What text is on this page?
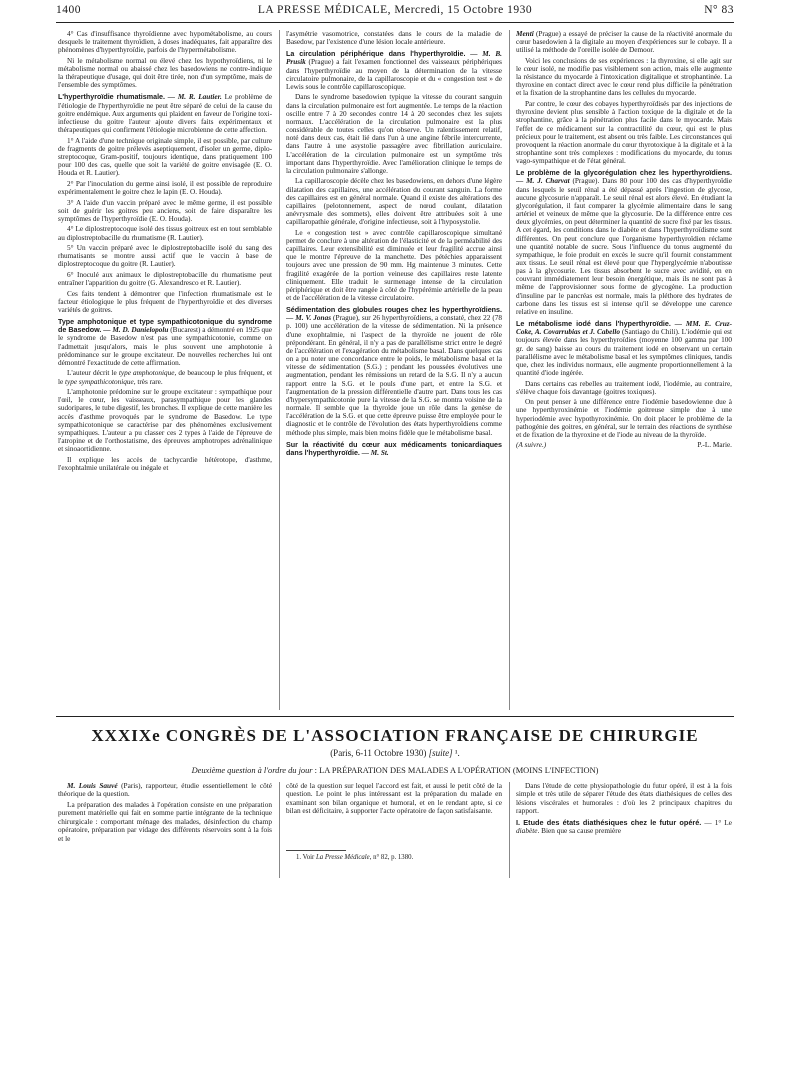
1400	LA PRESSE MÉDICALE, Mercredi, 15 Octobre 1930	N° 83

4° Cas d'insuffisance thyroïdienne avec hypométabolisme, au cours desquels le traitement thyroïdien, à doses inadéquates, fait apparaître des phénomènes d'hyperthyroïdie, parfois de l'hypermétabolisme.

Ni le métabolisme normal ou élevé chez les hypothyroïdiens, ni le métabolisme normal ou abaissé chez les basedowiens ne contre-indique la thérapeutique d'usage, qui doit être tirée, non d'un symptôme, mais de l'ensemble des symptômes.

L'hyperthyroïdie rhumatismale. — M. R. Lautier. Le problème de l'étiologie de l'hyperthyroïdie ne peut être séparé de celui de la cause du goitre endémique. Aux arguments qui plaident en faveur de l'origine toxi-infectieuse du goitre l'auteur ajoute divers faits expérimentaux et thérapeutiques qui confirment l'étiologie microbienne de cette affection.

1° A l'aide d'une technique originale simple, il est possible, par culture de fragments de goitre prélevés aseptiquement, d'isoler un germe, diplo-streptocoque, Gram-positif, toujours identique, dans pratiquement 100 pour 100 des cas, quelle que soit la variété de goitre envisagée (E. O. Houda et R. Lautier).

2° Par l'inoculation du germe ainsi isolé, il est possible de reproduire expérimentalement le goitre chez le lapin (E. O. Houda).

3° A l'aide d'un vaccin préparé avec le même germe, il est possible soit de guérir les goitres peu anciens, soit de faire disparaître les symptômes de l'hyperthyroïdie (E. O. Houda).

4° Le diplostreptocoque isolé des tissus goitreux est en tout semblable au diplostreptobacille du rhumatisme (R. Lautier).

5° Un vaccin préparé avec le diplostreptobacille isolé du sang des rhumatisants se montre aussi actif que le vaccin à base de diplostreptocoque du goitre (R. Lautier).

6° Inoculé aux animaux le diplostreptobacille du rhumatisme peut entraîner l'apparition du goitre (G. Alexandresco et R. Lautier).

Ces faits tendent à démontrer que l'infection rhumatismale est le facteur étiologique le plus fréquent de l'hyperthyroïdie et des diverses variétés de goitres.

Type amphotonique et type sympathicotonique du syndrome de Basedow. — M. D. Danielopolu (Bucarest) a démontré en 1925 que le syndrome de Basedow n'est pas une sympathicotonie, comme on l'admettait jusqu'alors, mais le plus souvent une amphotonie à prédominance sur le groupe excitateur. De nouvelles recherches lui ont démontré l'exactitude de cette affirmation.

L'auteur décrit le type amphotonique, de beaucoup le plus fréquent, et le type sympathicotonique, très rare.

L'amphotonie prédomine sur le groupe excitateur : sympathique pour l'œil, le cœur, les vaisseaux, parasympathique pour les glandes sudoripares, le tube digestif, les bronches. Il explique de cette manière les accès d'asthme provoqués par le syndrome de Basedow. Le type sympathicotonique se caractérise par des phénomènes exclusivement sympathiques. L'auteur a pu classer ces 2 types à l'aide de l'épreuve de l'atropine et de l'orthostatisme, des épreuves amphotropes adrénalinique et sinoaortidienne.

Il explique les accès de tachycardie hétérotope, d'asthme, l'exophtalmie unilatérale ou inégale et

l'asymétrie vasomotrice, constatées dans le cours de la maladie de Basedow, par l'existence d'une lésion locale antérieure.

La circulation périphérique dans l'hyperthyroïdie. — M. B. Prusik (Prague) a fait l'examen fonctionnel des vaisseaux périphériques dans l'hyperthyroïdie au moyen de la détermination de la vitesse circulatoire pulmonaire, de la capillaroscopie et du « congestion test » de Lewis sous le contrôle capillaroscopique.

Dans le syndrome basedowien typique la vitesse du courant sanguin dans la circulation pulmonaire est fort augmentée. Le temps de la réaction oscille entre 7 à 20 secondes contre 14 à 20 secondes chez les sujets normaux. L'accélération de la circulation pulmonaire est la plus considérable de toutes celles qu'on observe. Un ralentissement relatif, noté dans deux cas, était lié dans l'un à une angine fébrile intercurrente, dans l'autre à une asystolie passagère avec fibrillation auriculaire. L'accélération de la circulation pulmonaire est un symptôme très important dans l'hyperthyroïdie. Avec l'amélioration clinique le temps de la circulation pulmonaire s'allonge.

La capillaroscopie décèle chez les basedowiens, en dehors d'une légère dilatation des capillaires, une accélération du courant sanguin. La forme des capillaires est en général normale. Quand il existe des altérations des capillaires (pelotonnement, aspect de nœud coulant, dilatation anévrysmale des sommets), elles doivent être attribuées soit à une capillaropathie générale, d'origine infectieuse, soit à l'hyposystolie.

Le « congestion test » avec contrôle capillaroscopique simultané permet de conclure à une altération de l'élasticité et de la perméabilité des capillaires. Leur extensibilité est diminuée et leur fragilité accrue ainsi que le montre l'épreuve de la manchette. Des pétéchies apparaissent toujours avec une pression de 90 mm. Hg maintenue 3 minutes. Cette fragilité exagérée de la portion veineuse des capillaires reste latente cliniquement. Elle traduit le surmenage intense de la circulation périphérique et doit être rangée à côté de l'hypérémie artérielle de la peau et de l'accélération de la vitesse circulatoire.

Sédimentation des globules rouges chez les hyperthyroïdiens. — M. V. Jonas (Prague), sur 26 hyperthyroïdiens, a constaté, chez 22 (78 p. 100) une accélération de la vitesse de sédimentation. Ni la présence d'une exophtalmie, ni l'aspect de la thyroïde ne jouent de rôle prépondérant. En général, il n'y a pas de parallélisme strict entre le degré de l'accélération et l'exagération du métabolisme basal. Dans quelques cas on a pu noter une concordance entre le poids, le métabolisme basal et la vitesse de sédimentation (S.G.) ; pendant les poussées évolutives une augmentation, pendant les rémissions un retard de la S.G. Il n'y a aucun rapport entre la S.G. et le pouls d'une part, et entre la S.G. et l'augmentation de la pression différentielle d'autre part. Dans tous les cas d'hypersympathicotonie pure la vitesse de la S.G. se montra voisine de la normale. Il semble que la thyroïde joue un rôle dans la genèse de l'accélération de la S.G. et que cette épreuve puisse être employée pour le diagnostic et le contrôle de l'évolution des états hyperthyroïdiens comme méthode plus simple, mais bien moins fidèle que le métabolisme basal.

Sur la réactivité du cœur aux médicaments tonicardiaques dans l'hyperthyroïdie. — M. St.

Menti (Prague) a essayé de préciser la cause de la réactivité anormale du cœur basedowien à la digitale au moyen d'expériences sur le cobaye. Il a utilisé la méthode de l'oreille isolée de Demoor.

Voici les conclusions de ses expériences : la thyroxine, si elle agit sur le cœur isolé, ne modifie pas visiblement son action, mais elle augmente la résistance du myocarde à l'intoxication digitalique et strophantinée. La thyroxine en contact direct avec le cœur rend plus difficile la pénétration et la fixation de la strophantine dans les cellules du myocarde.

Par contre, le cœur des cobayes hyperthyroïdisés par des injections de thyroxine devient plus sensible à l'action toxique de la digitale et de la strophantine, grâce à la pénétration plus facile dans le myocarde. Mais l'effet de ce médicament sur la contractilité du cœur, qui est le plus précieux pour le traitement, est absent ou très faible. Les circonstances qui provoquent la réaction anormale du cœur thyrotoxique à la digitale et à la strophantine sont très complexes : modifications du myocarde, du tonus vago-sympathique et de l'état général.

Le problème de la glycorégulation chez les hyperthyroïdiens. — M. J. Charvat (Prague). Dans 80 pour 100 des cas d'hyperthyroïdie dans lesquels le seuil rénal a été dépassé après l'ingestion de glycose, aucune glycosurie n'apparaît. Le seuil rénal est alors élevé. En étudiant la glycorégulation, il faut comparer la glycémie alimentaire dans le sang artériel et veineux de même que la glycosurie. De la différence entre ces deux glycémies, on peut déterminer la quantité de sucre fixé par les tissus. A cet égard, les conditions dans le diabète et dans l'hyperthyroïdisme sont différentes. On peut conclure que l'organisme hyperthyroïdien réclame une quantité notable de sucre. Sous l'influence du tonus augmenté du sympathique, le foie produit en excès le sucre qu'il fournit constamment aux tissus. Le seuil rénal est élevé pour que l'hyperglycémie n'aboutisse pas à la glycosurie. Les tissus absorbent le sucre avec avidité, en en couvrant immédiatement leur besoin énergétique, mais ils ne sont pas à même de l'approvisionner sous forme de glycogène. La production d'insuline par le pancréas est normale, mais la pléthore des hydrates de carbone dans les tissus est si intense qu'il se développe une carence relative en insuline.

Le métabolisme iodé dans l'hyperthyroïdie. — MM. E. Cruz-Coke, A. Covarrubias et J. Cabello (Santiago du Chili). L'iodémie qui est toujours élevée dans les hyperthyroïdies (moyenne 100 gamma par 100 gr. de sang) baisse au cours du traitement iodé en observant un certain parallélisme avec le métabolisme basal et les symptômes cliniques, tandis que, chez les individus normaux, elle augmente proportionnellement à la quantité d'iode ingérée.

Dans certains cas rebelles au traitement iodé, l'iodémie, au contraire, s'élève chaque fois davantage (goitres toxiques).

On peut penser à une différence entre l'iodémie basedowienne due à une hyperthyroxinémie et l'iodémie goitreuse simple due à une hyperiodémie avec hypothyroxinémie. On doit placer le problème de la pathogénie des goitres, en général, sur le terrain des réactions de synthèse et de fixation de la thyroxine et de l'iode au niveau de la thyroïde.

(A suivre.)	P.-L. Marie.

XXXIXe CONGRÈS DE L'ASSOCIATION FRANÇAISE DE CHIRURGIE
(Paris, 6-11 Octobre 1930) [suite] ¹.
Deuxième question à l'ordre du jour : LA PRÉPARATION DES MALADES A L'OPÉRATION (MOINS L'INFECTION)

M. Louis Sauvé (Paris), rapporteur, étudie essentiellement le côté théorique de la question.

La préparation des malades à l'opération consiste en une préparation purement matérielle qui fait en somme partie intégrante de la technique chirurgicale : comportant ménage des malades, désinfection du champ opératoire, préparation par vidage des différents réservoirs sont à la fois et le

côté de la question sur lequel l'accord est fait, et aussi le petit côté de la question. Le point le plus intéressant est la préparation du malade en examinant son bilan organique et humoral, et en le rendant apte, si ce bilan est déficitaire, à supporter l'acte opératoire de façon satisfaisante.

1. Voir La Presse Médicale, n° 82, p. 1380.

Dans l'étude de cette physiopathologie du futur opéré, il est à la fois simple et très utile de séparer l'étude des états diathésiques de celles des lésions viscérales et humorales : d'où les 2 principaux chapitres du rapport.

I. Etude des états diathésiques chez le futur opéré. — 1° Le diabète. Bien que sa cause première
